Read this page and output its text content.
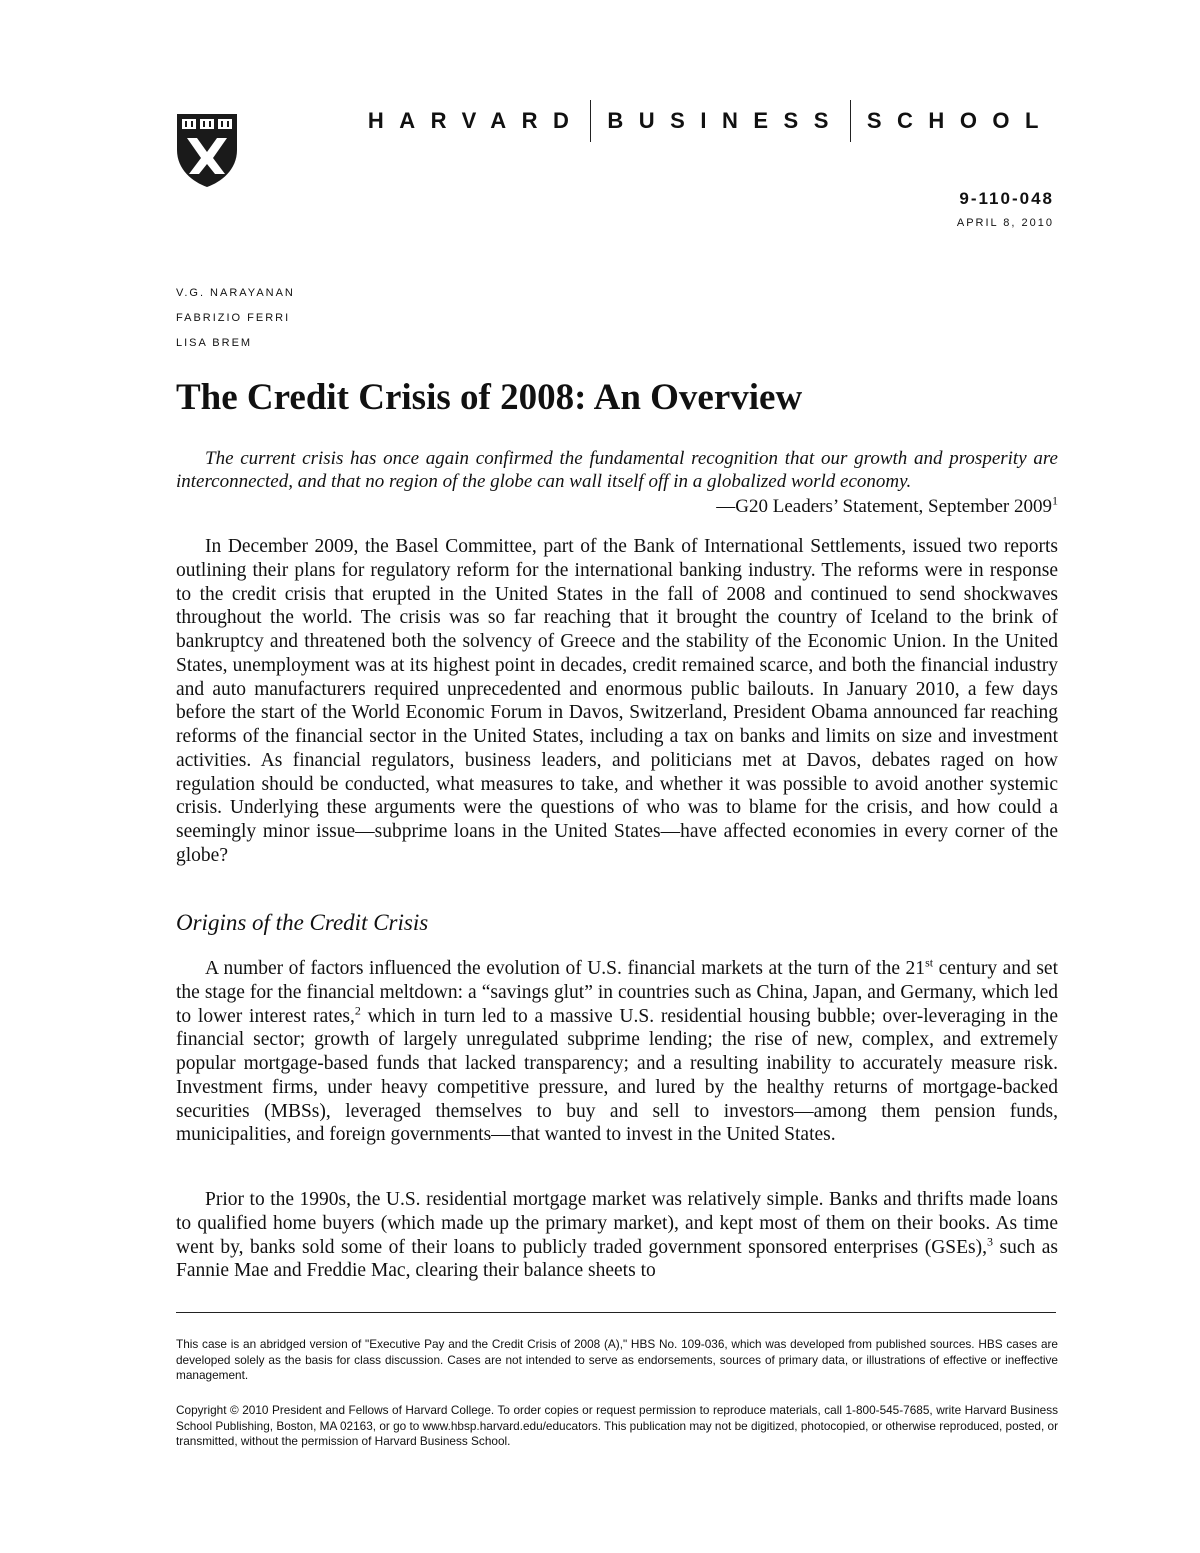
HARVARD BUSINESS SCHOOL
9-110-048
APRIL 8, 2010
V.G. NARAYANAN
FABRIZIO FERRI
LISA BREM
The Credit Crisis of 2008: An Overview

The current crisis has once again confirmed the fundamental recognition that our growth and prosperity are interconnected, and that no region of the globe can wall itself off in a globalized world economy.

—G20 Leaders’ Statement, September 2009$^1$

In December 2009, the Basel Committee, part of the Bank of International Settlements, issued two reports outlining their plans for regulatory reform for the international banking industry. The reforms were in response to the credit crisis that erupted in the United States in the fall of 2008 and continued to send shockwaves throughout the world. The crisis was so far reaching that it brought the country of Iceland to the brink of bankruptcy and threatened both the solvency of Greece and the stability of the Economic Union. In the United States, unemployment was at its highest point in decades, credit remained scarce, and both the financial industry and auto manufacturers required unprecedented and enormous public bailouts. In January 2010, a few days before the start of the World Economic Forum in Davos, Switzerland, President Obama announced far reaching reforms of the financial sector in the United States, including a tax on banks and limits on size and investment activities. As financial regulators, business leaders, and politicians met at Davos, debates raged on how regulation should be conducted, what measures to take, and whether it was possible to avoid another systemic crisis. Underlying these arguments were the questions of who was to blame for the crisis, and how could a seemingly minor issue—subprime loans in the United States—have affected economies in every corner of the globe?

Origins of the Credit Crisis

A number of factors influenced the evolution of U.S. financial markets at the turn of the 21st century and set the stage for the financial meltdown: a “savings glut” in countries such as China, Japan, and Germany, which led to lower interest rates,$^2$ which in turn led to a massive U.S. residential housing bubble; over-leveraging in the financial sector; growth of largely unregulated subprime lending; the rise of new, complex, and extremely popular mortgage-based funds that lacked transparency; and a resulting inability to accurately measure risk. Investment firms, under heavy competitive pressure, and lured by the healthy returns of mortgage-backed securities (MBSs), leveraged themselves to buy and sell to investors—among them pension funds, municipalities, and foreign governments—that wanted to invest in the United States.

Prior to the 1990s, the U.S. residential mortgage market was relatively simple. Banks and thrifts made loans to qualified home buyers (which made up the primary market), and kept most of them on their books. As time went by, banks sold some of their loans to publicly traded government sponsored enterprises (GSEs),$^3$ such as Fannie Mae and Freddie Mac, clearing their balance sheets to

This case is an abridged version of "Executive Pay and the Credit Crisis of 2008 (A)," HBS No. 109-036, which was developed from published sources. HBS cases are developed solely as the basis for class discussion. Cases are not intended to serve as endorsements, sources of primary data, or illustrations of effective or ineffective management.

Copyright © 2010 President and Fellows of Harvard College. To order copies or request permission to reproduce materials, call 1-800-545-7685, write Harvard Business School Publishing, Boston, MA 02163, or go to www.hbsp.harvard.edu/educators. This publication may not be digitized, photocopied, or otherwise reproduced, posted, or transmitted, without the permission of Harvard Business School.
